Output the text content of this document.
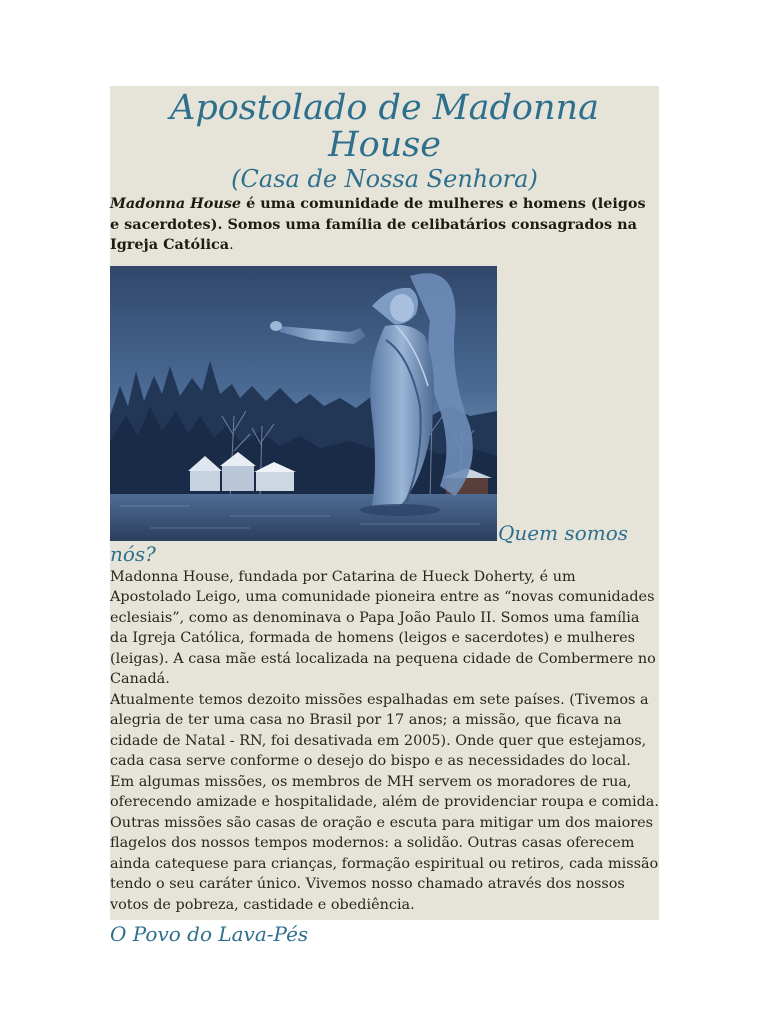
Apostolado de Madonna
House
(Casa de Nossa Senhora)

Madonna House é uma comunidade de mulheres e homens (leigos e sacerdotes). Somos uma família de celibatários consagrados na Igreja Católica.

Quem somos

nós?

Madonna House, fundada por Catarina de Hueck Doherty, é um Apostolado Leigo, uma comunidade pioneira entre as “novas comunidades eclesiais”, como as denominava o Papa João Paulo II. Somos uma família da Igreja Católica, formada de homens (leigos e sacerdotes) e mulheres (leigas). A casa mãe está localizada na pequena cidade de Combermere no Canadá.

Atualmente temos dezoito missões espalhadas em sete países. (Tivemos a alegria de ter uma casa no Brasil por 17 anos; a missão, que ficava na cidade de Natal - RN, foi desativada em 2005). Onde quer que estejamos, cada casa serve conforme o desejo do bispo e as necessidades do local. Em algumas missões, os membros de MH servem os moradores de rua, oferecendo amizade e hospitalidade, além de providenciar roupa e comida. Outras missões são casas de oração e escuta para mitigar um dos maiores flagelos dos nossos tempos modernos: a solidão. Outras casas oferecem ainda catequese para crianças, formação espiritual ou retiros, cada missão tendo o seu caráter único. Vivemos nosso chamado através dos nossos votos de pobreza, castidade e obediência.

O Povo do Lava-Pés
